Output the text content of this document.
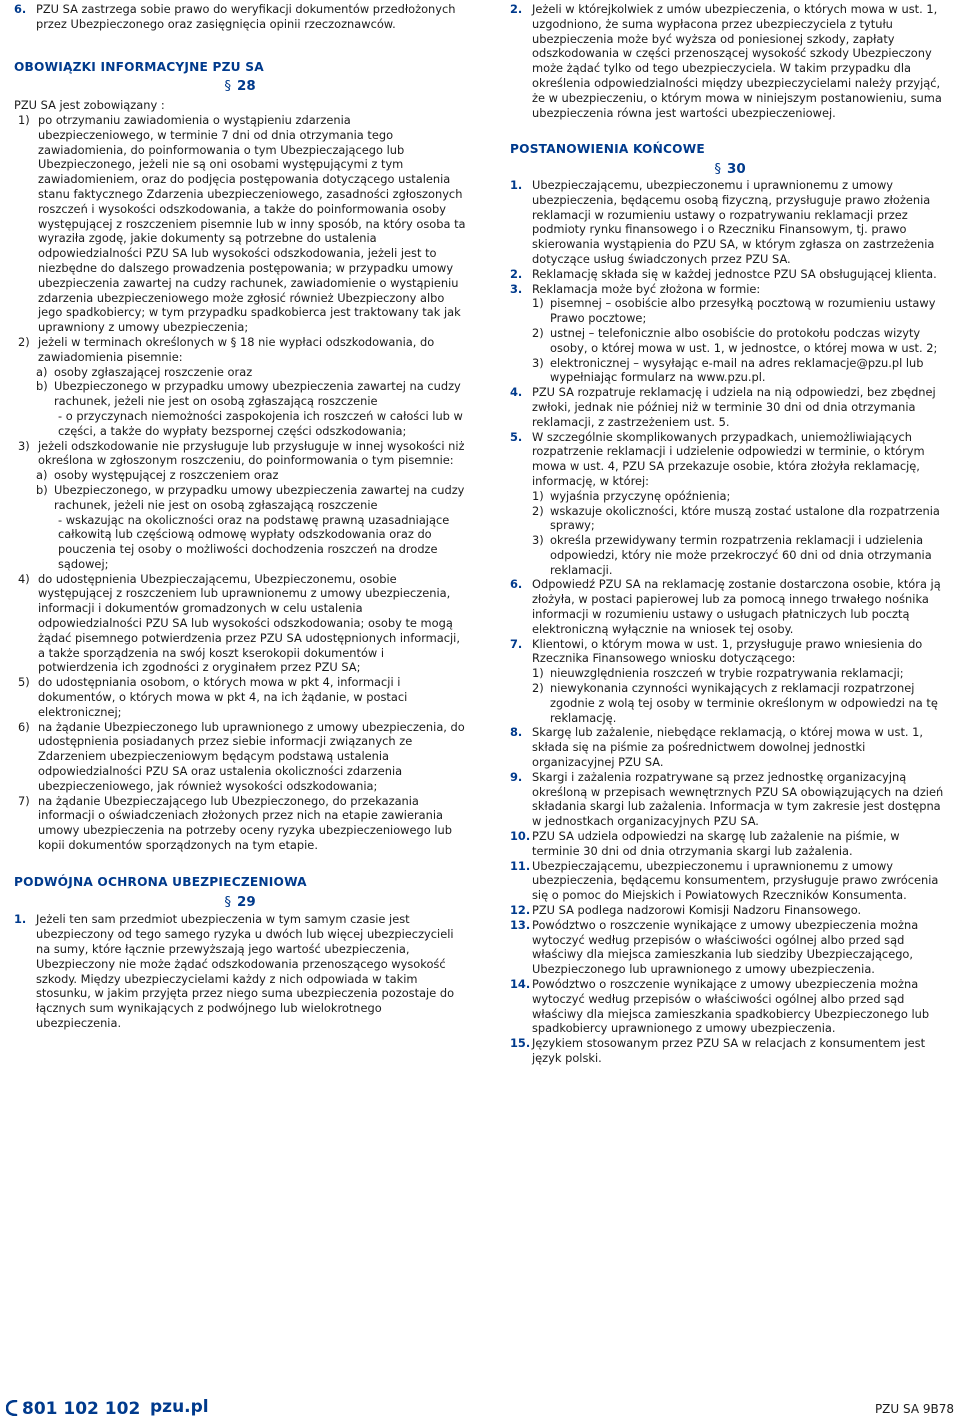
6. PZU SA zastrzega sobie prawo do weryfikacji dokumentów przedłożonych przez Ubezpieczonego oraz zasięgnięcia opinii rzeczoznawców.
OBOWIĄZKI INFORMACYJNE PZU SA
§ 28
PZU SA jest zobowiązany :
1) po otrzymaniu zawiadomienia o wystąpieniu zdarzenia ubezpieczeniowego, w terminie 7 dni od dnia otrzymania tego zawiadomienia, do poinformowania o tym Ubezpieczającego lub Ubezpieczonego, jeżeli nie są oni osobami występującymi z tym zawiadomieniem, oraz do podjęcia postępowania dotyczącego ustalenia stanu faktycznego Zdarzenia ubezpieczeniowego, zasadności zgłoszonych roszczeń i wysokości odszkodowania, a także do poinformowania osoby występującej z roszczeniem pisemnie lub w inny sposób, na który osoba ta wyraziła zgodę, jakie dokumenty są potrzebne do ustalenia odpowiedzialności PZU SA lub wysokości odszkodowania, jeżeli jest to niezbędne do dalszego prowadzenia postępowania; w przypadku umowy ubezpieczenia zawartej na cudzy rachunek, zawiadomienie o wystąpieniu zdarzenia ubezpieczeniowego może zgłosić również Ubezpieczony albo jego spadkobiercy; w tym przypadku spadkobierca jest traktowany tak jak uprawniony z umowy ubezpieczenia;
2) jeżeli w terminach określonych w § 18 nie wypłaci odszkodowania, do zawiadomienia pisemnie:
a) osoby zgłaszającej roszczenie oraz
b) Ubezpieczonego w przypadku umowy ubezpieczenia zawartej na cudzy rachunek, jeżeli nie jest on osobą zgłaszającą roszczenie
- o przyczynach niemożności zaspokojenia ich roszczeń w całości lub w części, a także do wypłaty bezspornej części odszkodowania;
3) jeżeli odszkodowanie nie przysługuje lub przysługuje w innej wysokości niż określona w zgłoszonym roszczeniu, do poinformowania o tym pisemnie:
a) osoby występującej z roszczeniem oraz
b) Ubezpieczonego, w przypadku umowy ubezpieczenia zawartej na cudzy rachunek, jeżeli nie jest on osobą zgłaszającą roszczenie
- wskazując na okoliczności oraz na podstawę prawną uzasadniające całkowitą lub częściową odmowę wypłaty odszkodowania oraz do pouczenia tej osoby o możliwości dochodzenia roszczeń na drodze sądowej;
4) do udostępnienia Ubezpieczającemu, Ubezpieczonemu, osobie występującej z roszczeniem lub uprawnionemu z umowy ubezpieczenia, informacji i dokumentów gromadzonych w celu ustalenia odpowiedzialności PZU SA lub wysokości odszkodowania; osoby te mogą żądać pisemnego potwierdzenia przez PZU SA udostępnionych informacji, a także sporządzenia na swój koszt kserokopii dokumentów i potwierdzenia ich zgodności z oryginałem przez PZU SA;
5) do udostępniania osobom, o których mowa w pkt 4, informacji i dokumentów, o których mowa w pkt 4, na ich żądanie, w postaci elektronicznej;
6) na żądanie Ubezpieczonego lub uprawnionego z umowy ubezpieczenia, do udostępnienia posiadanych przez siebie informacji związanych ze Zdarzeniem ubezpieczeniowym będącym podstawą ustalenia odpowiedzialności PZU SA oraz ustalenia okoliczności zdarzenia ubezpieczeniowego, jak również wysokości odszkodowania;
7) na żądanie Ubezpieczającego lub Ubezpieczonego, do przekazania informacji o oświadczeniach złożonych przez nich na etapie zawierania umowy ubezpieczenia na potrzeby oceny ryzyka ubezpieczeniowego lub kopii dokumentów sporządzonych na tym etapie.
PODWÓJNA OCHRONA UBEZPIECZENIOWA
§ 29
1. Jeżeli ten sam przedmiot ubezpieczenia w tym samym czasie jest ubezpieczony od tego samego ryzyka u dwóch lub więcej ubezpieczycieli na sumy, które łącznie przewyższają jego wartość ubezpieczenia, Ubezpieczony nie może żądać odszkodowania przenoszącego wysokość szkody. Między ubezpieczycielami każdy z nich odpowiada w takim stosunku, w jakim przyjęta przez niego suma ubezpieczenia pozostaje do łącznych sum wynikających z podwójnego lub wielokrotnego ubezpieczenia.
2. Jeżeli w którejkolwiek z umów ubezpieczenia, o których mowa w ust. 1, uzgodniono, że suma wypłacona przez ubezpieczyciela z tytułu ubezpieczenia może być wyższa od poniesionej szkody, zapłaty odszkodowania w części przenoszącej wysokość szkody Ubezpieczony może żądać tylko od tego ubezpieczyciela. W takim przypadku dla określenia odpowiedzialności między ubezpieczycielami należy przyjąć, że w ubezpieczeniu, o którym mowa w niniejszym postanowieniu, suma ubezpieczenia równa jest wartości ubezpieczeniowej.
POSTANOWIENIA KOŃCOWE
§ 30
1. Ubezpieczającemu, ubezpieczonemu i uprawnionemu z umowy ubezpieczenia, będącemu osobą fizyczną, przysługuje prawo złożenia reklamacji w rozumieniu ustawy o rozpatrywaniu reklamacji przez podmioty rynku finansowego i o Rzeczniku Finansowym, tj. prawo skierowania wystąpienia do PZU SA, w którym zgłasza on zastrzeżenia dotyczące usług świadczonych przez PZU SA.
2. Reklamację składa się w każdej jednostce PZU SA obsługującej klienta.
3. Reklamacja może być złożona w formie:
1) pisemnej – osobiście albo przesyłką pocztową w rozumieniu ustawy Prawo pocztowe;
2) ustnej – telefonicznie albo osobiście do protokołu podczas wizyty osoby, o której mowa w ust. 1, w jednostce, o której mowa w ust. 2;
3) elektronicznej – wysyłając e-mail na adres reklamacje@pzu.pl lub wypełniając formularz na www.pzu.pl.
4. PZU SA rozpatruje reklamację i udziela na nią odpowiedzi, bez zbędnej zwłoki, jednak nie później niż w terminie 30 dni od dnia otrzymania reklamacji, z zastrzeżeniem ust. 5.
5. W szczególnie skomplikowanych przypadkach, uniemożliwiających rozpatrzenie reklamacji i udzielenie odpowiedzi w terminie, o którym mowa w ust. 4, PZU SA przekazuje osobie, która złożyła reklamację, informację, w której:
1) wyjaśnia przyczynę opóźnienia;
2) wskazuje okoliczności, które muszą zostać ustalone dla rozpatrzenia sprawy;
3) określa przewidywany termin rozpatrzenia reklamacji i udzielenia odpowiedzi, który nie może przekroczyć 60 dni od dnia otrzymania reklamacji.
6. Odpowiedź PZU SA na reklamację zostanie dostarczona osobie, która ją złożyła, w postaci papierowej lub za pomocą innego trwałego nośnika informacji w rozumieniu ustawy o usługach płatniczych lub pocztą elektroniczną wyłącznie na wniosek tej osoby.
7. Klientowi, o którym mowa w ust. 1, przysługuje prawo wniesienia do Rzecznika Finansowego wniosku dotyczącego:
1) nieuwzględnienia roszczeń w trybie rozpatrywania reklamacji;
2) niewykonania czynności wynikających z reklamacji rozpatrzonej zgodnie z wolą tej osoby w terminie określonym w odpowiedzi na tę reklamację.
8. Skargę lub zażalenie, niebędące reklamacją, o której mowa w ust. 1, składa się na piśmie za pośrednictwem dowolnej jednostki organizacyjnej PZU SA.
9. Skargi i zażalenia rozpatrywane są przez jednostkę organizacyjną określoną w przepisach wewnętrznych PZU SA obowiązujących na dzień składania skargi lub zażalenia. Informacja w tym zakresie jest dostępna w jednostkach organizacyjnych PZU SA.
10. PZU SA udziela odpowiedzi na skargę lub zażalenie na piśmie, w terminie 30 dni od dnia otrzymania skargi lub zażalenia.
11. Ubezpieczającemu, ubezpieczonemu i uprawnionemu z umowy ubezpieczenia, będącemu konsumentem, przysługuje prawo zwrócenia się o pomoc do Miejskich i Powiatowych Rzeczników Konsumenta.
12. PZU SA podlega nadzorowi Komisji Nadzoru Finansowego.
13. Powództwo o roszczenie wynikające z umowy ubezpieczenia można wytoczyć według przepisów o właściwości ogólnej albo przed sąd właściwy dla miejsca zamieszkania lub siedziby Ubezpieczającego, Ubezpieczonego lub uprawnionego z umowy ubezpieczenia.
14. Powództwo o roszczenie wynikające z umowy ubezpieczenia można wytoczyć według przepisów o właściwości ogólnej albo przed sąd właściwy dla miejsca zamieszkania spadkobiercy Ubezpieczonego lub spadkobiercy uprawnionego z umowy ubezpieczenia.
15. Językiem stosowanym przez PZU SA w relacjach z konsumentem jest język polski.
801 102 102 pzu.pl	PZU SA 9B78
